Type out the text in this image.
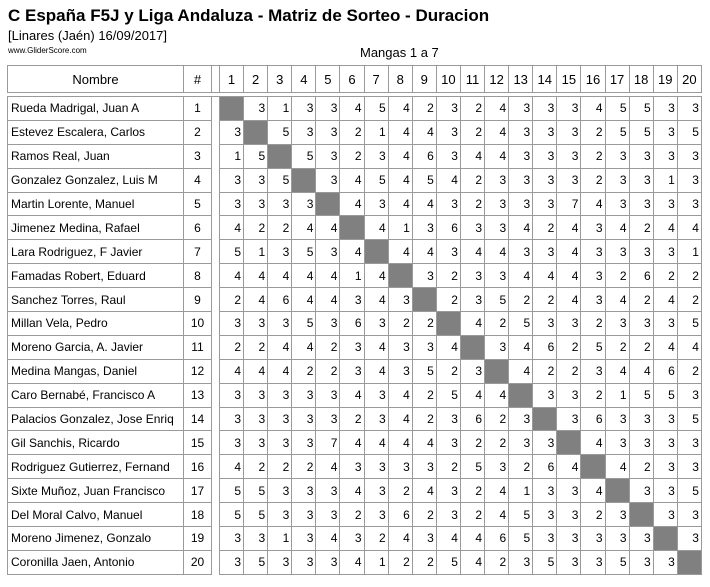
C España F5J y Liga Andaluza - Matriz de Sorteo - Duracion
[Linares (Jaén) 16/09/2017]
www.GliderScore.com	Mangas 1 a 7
Nombre	#		1	2	3	4	5	6	7	8	9	10	11	12	13	14	15	16	17	18	19	20

Rueda Madrigal, Juan A	1			3	1	3	3	4	5	4	2	3	2	4	3	3	3	4	5	5	3	3
Estevez Escalera, Carlos	2		3		5	3	3	2	1	4	4	3	2	4	3	3	3	2	5	5	3	5
Ramos Real, Juan	3		1	5		5	3	2	3	4	6	3	4	4	3	3	3	2	3	3	3	3
Gonzalez Gonzalez, Luis M	4		3	3	5		3	4	5	4	5	4	2	3	3	3	3	2	3	3	1	3
Martin Lorente, Manuel	5		3	3	3	3		4	3	4	4	3	2	3	3	3	7	4	3	3	3	3
Jimenez Medina, Rafael	6		4	2	2	4	4		4	1	3	6	3	3	4	2	4	3	4	2	4	4
Lara Rodriguez, F Javier	7		5	1	3	5	3	4		4	4	3	4	4	3	3	4	3	3	3	3	1
Famadas Robert, Eduard	8		4	4	4	4	4	1	4		3	2	3	3	4	4	4	3	2	6	2	2
Sanchez Torres, Raul	9		2	4	6	4	4	3	4	3		2	3	5	2	2	4	3	4	2	4	2
Millan Vela, Pedro	10		3	3	3	5	3	6	3	2	2		4	2	5	3	3	2	3	3	3	5
Moreno Garcia, A. Javier	11		2	2	4	4	2	3	4	3	3	4		3	4	6	2	5	2	2	4	4
Medina Mangas, Daniel	12		4	4	4	2	2	3	4	3	5	2	3		4	2	2	3	4	4	6	2
Caro Bernabé, Francisco A	13		3	3	3	3	3	4	3	4	2	5	4	4		3	3	2	1	5	5	3
Palacios Gonzalez, Jose Enriq	14		3	3	3	3	3	2	3	4	2	3	6	2	3		3	6	3	3	3	5
Gil Sanchis, Ricardo	15		3	3	3	3	7	4	4	4	4	3	2	2	3	3		4	3	3	3	3
Rodriguez Gutierrez, Fernand	16		4	2	2	2	4	3	3	3	3	2	5	3	2	6	4		4	2	3	3
Sixte Muñoz, Juan Francisco	17		5	5	3	3	3	4	3	2	4	3	2	4	1	3	3	4		3	3	5
Del Moral Calvo, Manuel	18		5	5	3	3	3	2	3	6	2	3	2	4	5	3	3	2	3		3	3
Moreno Jimenez, Gonzalo	19		3	3	1	3	4	3	2	4	3	4	4	6	5	3	3	3	3	3		3
Coronilla Jaen, Antonio	20		3	5	3	3	3	4	1	2	2	5	4	2	3	5	3	3	5	3	3	
